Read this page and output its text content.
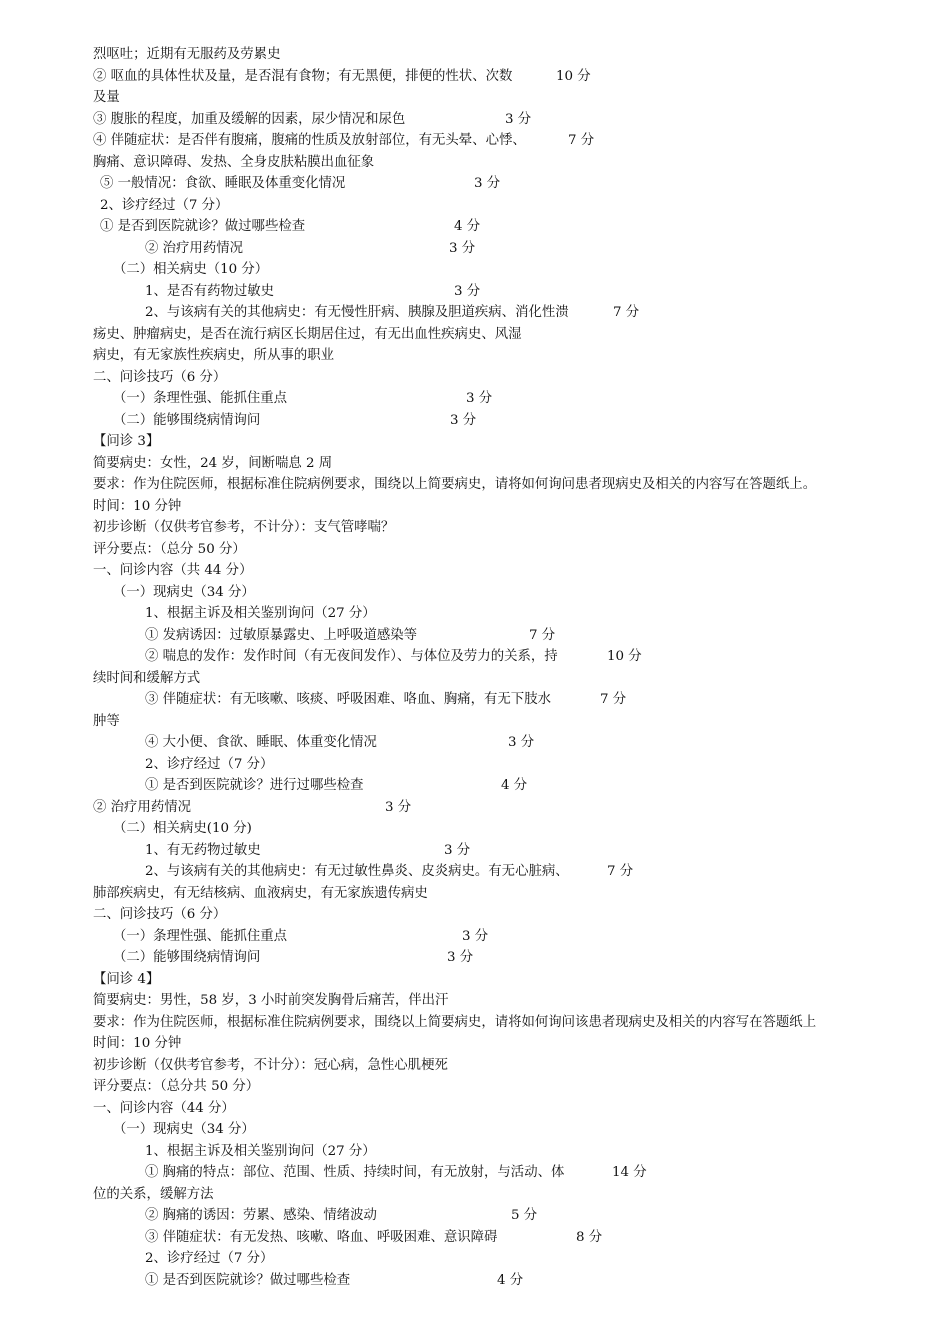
烈呕吐；近期有无服药及劳累史
② 呕血的具体性状及量，是否混有食物；有无黑便，排便的性状、次数	10 分
及量
③ 腹胀的程度，加重及缓解的因素，尿少情况和尿色	3 分
④ 伴随症状：是否伴有腹痛，腹痛的性质及放射部位，有无头晕、心悸、	7 分
胸痛、意识障碍、发热、全身皮肤粘膜出血征象
⑤ 一般情况：食欲、睡眠及体重变化情况	3 分
2、诊疗经过（7 分）
① 是否到医院就诊？做过哪些检查	4 分
② 治疗用药情况	3 分
（二）相关病史（10 分）
1、是否有药物过敏史	3 分
2、与该病有关的其他病史：有无慢性肝病、胰腺及胆道疾病、消化性溃	7 分
疡史、肿瘤病史，是否在流行病区长期居住过，有无出血性疾病史、风湿
病史，有无家族性疾病史，所从事的职业
二、问诊技巧（6 分）
（一）条理性强、能抓住重点	3 分
（二）能够围绕病情询问	3 分
【问诊 3】
简要病史：女性，24 岁，间断喘息 2 周
要求：作为住院医师，根据标准住院病例要求，围绕以上简要病史，请将如何询问患者现病史及相关的内容写在答题纸上。
时间：10 分钟
初步诊断（仅供考官参考，不计分）：支气管哮喘？
评分要点：（总分 50 分）
一、问诊内容（共 44 分）
（一）现病史（34 分）
1、根据主诉及相关鉴别询问（27 分）
① 发病诱因：过敏原暴露史、上呼吸道感染等	7 分
② 喘息的发作：发作时间（有无夜间发作）、与体位及劳力的关系，持	10 分
续时间和缓解方式
③ 伴随症状：有无咳嗽、咳痰、呼吸困难、咯血、胸痛，有无下肢水	7 分
肿等
④ 大小便、食欲、睡眠、体重变化情况	3 分
2、诊疗经过（7 分）
① 是否到医院就诊？进行过哪些检查	4 分
② 治疗用药情况	3 分
（二）相关病史(10 分)
1、有无药物过敏史	3 分
2、与该病有关的其他病史：有无过敏性鼻炎、皮炎病史。有无心脏病、	7 分
肺部疾病史，有无结核病、血液病史，有无家族遗传病史
二、问诊技巧（6 分）
（一）条理性强、能抓住重点	3 分
（二）能够围绕病情询问	3 分
【问诊 4】
简要病史：男性，58 岁，3 小时前突发胸骨后痛苦，伴出汗
要求：作为住院医师，根据标准住院病例要求，围绕以上简要病史，请将如何询问该患者现病史及相关的内容写在答题纸上
时间：10 分钟
初步诊断（仅供考官参考，不计分）：冠心病，急性心肌梗死
评分要点：（总分共 50 分）
一、问诊内容（44 分）
（一）现病史（34 分）
1、根据主诉及相关鉴别询问（27 分）
① 胸痛的特点：部位、范围、性质、持续时间，有无放射，与活动、体	14 分
位的关系，缓解方法
② 胸痛的诱因：劳累、感染、情绪波动	5 分
③ 伴随症状：有无发热、咳嗽、咯血、呼吸困难、意识障碍	8 分
2、诊疗经过（7 分）
① 是否到医院就诊？做过哪些检查	4 分
